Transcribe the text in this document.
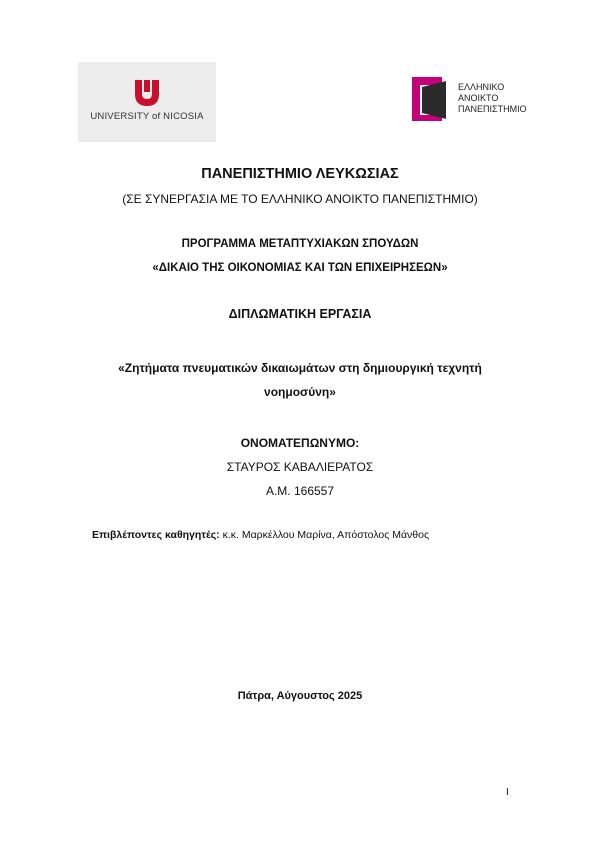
UNIVERSITY of NICOSIA
ΕΛΛΗΝΙΚΟ
ΑΝΟΙΚΤΟ
ΠΑΝΕΠΙΣΤΗΜΙΟ
ΠΑΝΕΠΙΣΤΗΜΙΟ ΛΕΥΚΩΣΙΑΣ
(ΣΕ ΣΥΝΕΡΓΑΣΙΑ ΜΕ ΤΟ ΕΛΛΗΝΙΚΟ ΑΝΟΙΚΤΟ ΠΑΝΕΠΙΣΤΗΜΙΟ)
ΠΡΟΓΡΑΜΜΑ ΜΕΤΑΠΤΥΧΙΑΚΩΝ ΣΠΟΥΔΩΝ
«ΔΙΚΑΙΟ ΤΗΣ ΟΙΚΟΝΟΜΙΑΣ ΚΑΙ ΤΩΝ ΕΠΙΧΕΙΡΗΣΕΩΝ»
ΔΙΠΛΩΜΑΤΙΚΗ ΕΡΓΑΣΙΑ
«Ζητήματα πνευματικών δικαιωμάτων στη δημιουργική τεχνητή
νοημοσύνη»
ΟΝΟΜΑΤΕΠΩΝΥΜΟ:
ΣΤΑΥΡΟΣ ΚΑΒΑΛΙΕΡΑΤΟΣ
Α.Μ. 166557
Επιβλέποντες καθηγητές: κ.κ. Μαρκέλλου Μαρίνα, Απόστολος Μάνθος
Πάτρα, Αύγουστος 2025
I
